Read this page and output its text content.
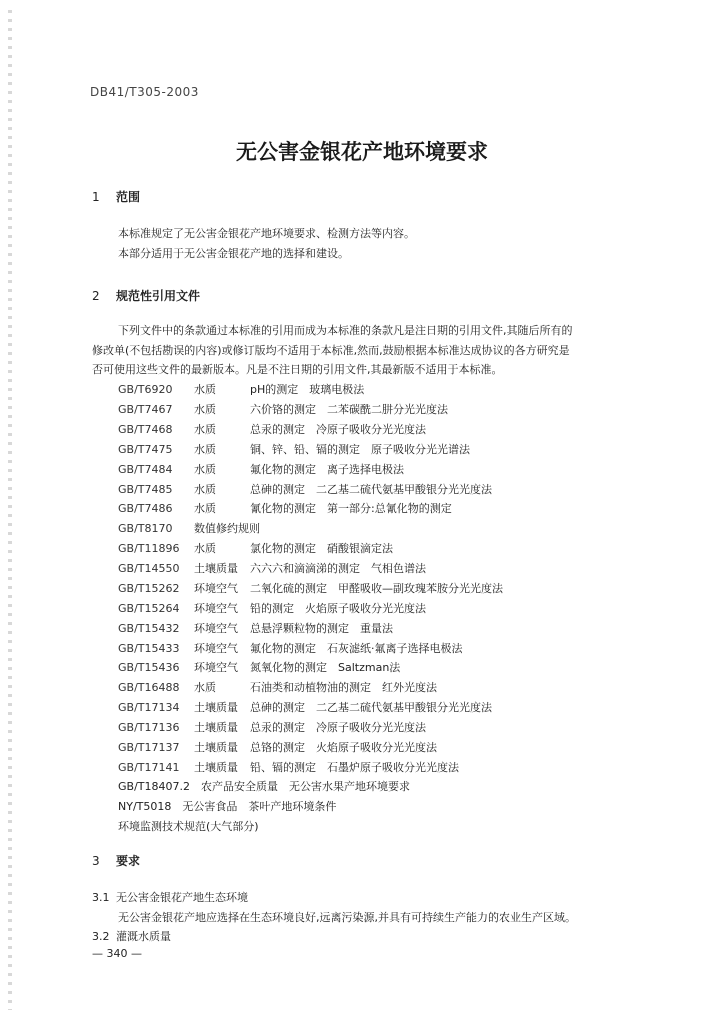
DB41/T305-2003
无公害金银花产地环境要求
1 范围
本标准规定了无公害金银花产地环境要求、检测方法等内容。
本部分适用于无公害金银花产地的选择和建设。
2 规范性引用文件
下列文件中的条款通过本标准的引用而成为本标准的条款凡是注日期的引用文件,其随后所有的
修改单(不包括勘误的内容)或修订版均不适用于本标准,然而,鼓励根据本标准达成协议的各方研究是
否可使用这些文件的最新版本。凡是不注日期的引用文件,其最新版不适用于本标准。
GB/T6920 水质	pH的测定　玻璃电极法
GB/T7467 水质	六价铬的测定　二苯碳酰二肼分光光度法
GB/T7468 水质	总汞的测定　冷原子吸收分光光度法
GB/T7475 水质	铜、锌、铅、镉的测定　原子吸收分光光谱法
GB/T7484 水质	氟化物的测定　离子选择电极法
GB/T7485 水质	总砷的测定　二乙基二硫代氨基甲酸银分光光度法
GB/T7486 水质	氰化物的测定　第一部分:总氰化物的测定
GB/T8170 数值修约规则
GB/T11896 水质	氯化物的测定　硝酸银滴定法
GB/T14550 土壤质量 六六六和滴滴涕的测定　气相色谱法
GB/T15262 环境空气 二氧化硫的测定　甲醛吸收—副玫瑰苯胺分光光度法
GB/T15264 环境空气 铅的测定　火焰原子吸收分光光度法
GB/T15432 环境空气 总悬浮颗粒物的测定　重量法
GB/T15433 环境空气 氟化物的测定　石灰滤纸·氟离子选择电极法
GB/T15436 环境空气 氮氧化物的测定　Saltzman法
GB/T16488 水质	石油类和动植物油的测定　红外光度法
GB/T17134 土壤质量 总砷的测定　二乙基二硫代氨基甲酸银分光光度法
GB/T17136 土壤质量 总汞的测定　冷原子吸收分光光度法
GB/T17137 土壤质量 总铬的测定　火焰原子吸收分光光度法
GB/T17141 土壤质量 铅、镉的测定　石墨炉原子吸收分光光度法
GB/T18407.2　农产品安全质量　无公害水果产地环境要求
NY/T5018　无公害食品　茶叶产地环境条件
环境监测技术规范(大气部分)
3 要求
3.1 无公害金银花产地生态环境
无公害金银花产地应选择在生态环境良好,远离污染源,并具有可持续生产能力的农业生产区域。
3.2 灌溉水质量
— 340 —
